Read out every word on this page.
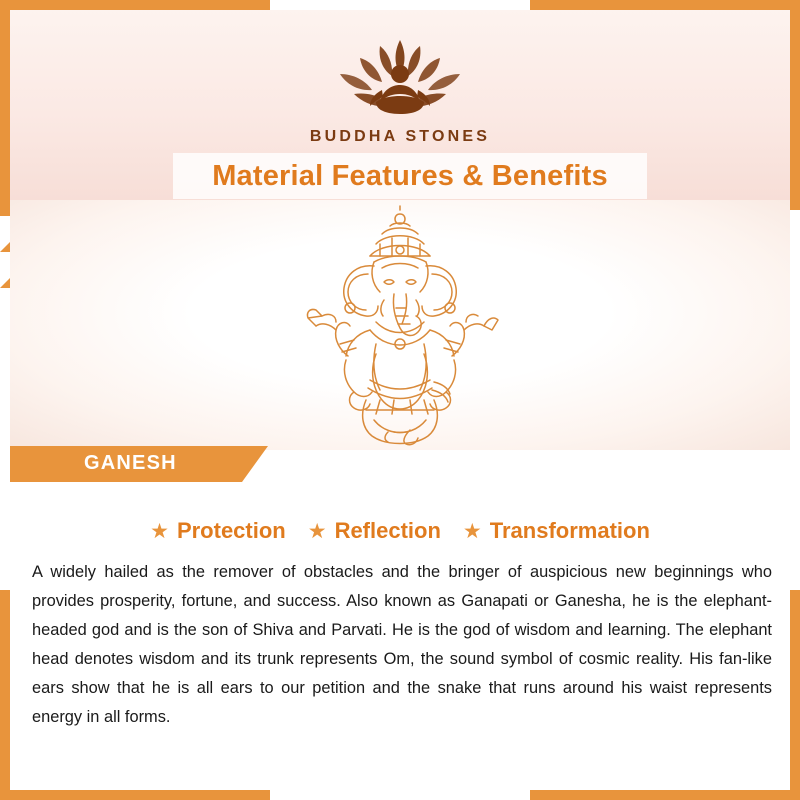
BUDDHA STONES
Material Features & Benefits
GANESH
★ Protection ★ Reflection ★ Transformation
A widely hailed as the remover of obstacles and the bringer of auspicious new beginnings who provides prosperity, fortune, and success. Also known as Ganapati or Ganesha, he is the elephant-headed god and is the son of Shiva and Parvati. He is the god of wisdom and learning. The elephant head denotes wisdom and its trunk represents Om, the sound symbol of cosmic reality. His fan-like ears show that he is all ears to our petition and the snake that runs around his waist represents energy in all forms.
